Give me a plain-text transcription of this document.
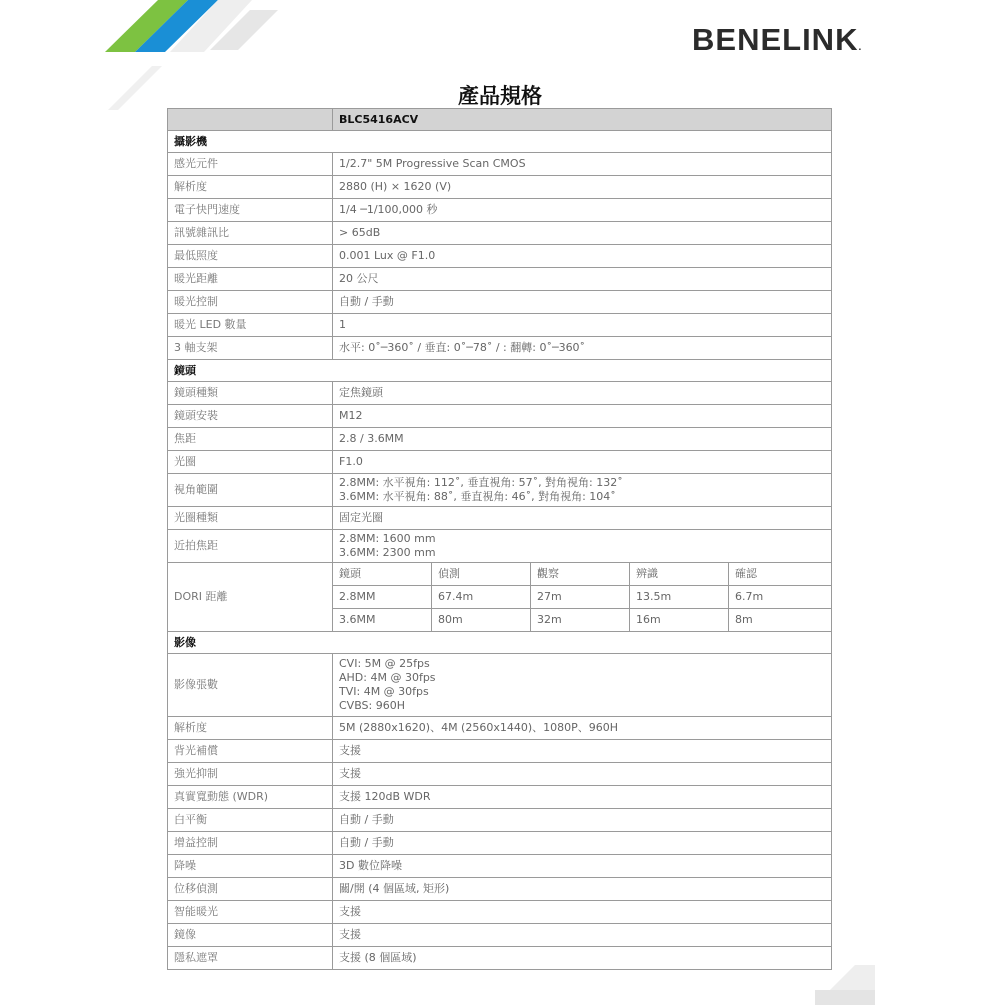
BENELINK.
產品規格
	BLC5416ACV				
攝影機					
感光元件	1/2.7" 5M Progressive Scan CMOS				
解析度	2880 (H) × 1620 (V)				
電子快門速度	1/4 ─1/100,000 秒				
訊號雜訊比	> 65dB				
最低照度	0.001 Lux @ F1.0				
暖光距離	20 公尺				
暖光控制	自動 / 手動				
暖光 LED 數量	1				
3 軸支架	水平: 0˚─360˚ / 垂直: 0˚─78˚ / : 翻轉: 0˚─360˚				
鏡頭					
鏡頭種類	定焦鏡頭				
鏡頭安裝	M12				
焦距	2.8 / 3.6MM				
光圈	F1.0				
視角範圍	2.8MM: 水平視角: 112˚, 垂直視角: 57˚, 對角視角: 132˚
3.6MM: 水平視角: 88˚, 垂直視角: 46˚, 對角視角: 104˚				

光圈種類	固定光圈				
近拍焦距	2.8MM: 1600 mm
3.6MM: 2300 mm				

DORI 距離	鏡頭	偵測	觀察	辨識	確認
	2.8MM	67.4m	27m	13.5m	6.7m
	3.6MM	80m	32m	16m	8m
影像					
影像張數	CVI: 5M @ 25fps
AHD: 4M @ 30fps
TVI: 4M @ 30fps
CVBS: 960H				

解析度	5M (2880x1620)、4M (2560x1440)、1080P、960H				
背光補償	支援				
強光抑制	支援				
真實寬動態 (WDR)	支援 120dB WDR				
白平衡	自動 / 手動				
增益控制	自動 / 手動				
降噪	3D 數位降噪				
位移偵測	關/開 (4 個區域, 矩形)				
智能暖光	支援				
鏡像	支援				
隱私遮罩	支援 (8 個區域)				
